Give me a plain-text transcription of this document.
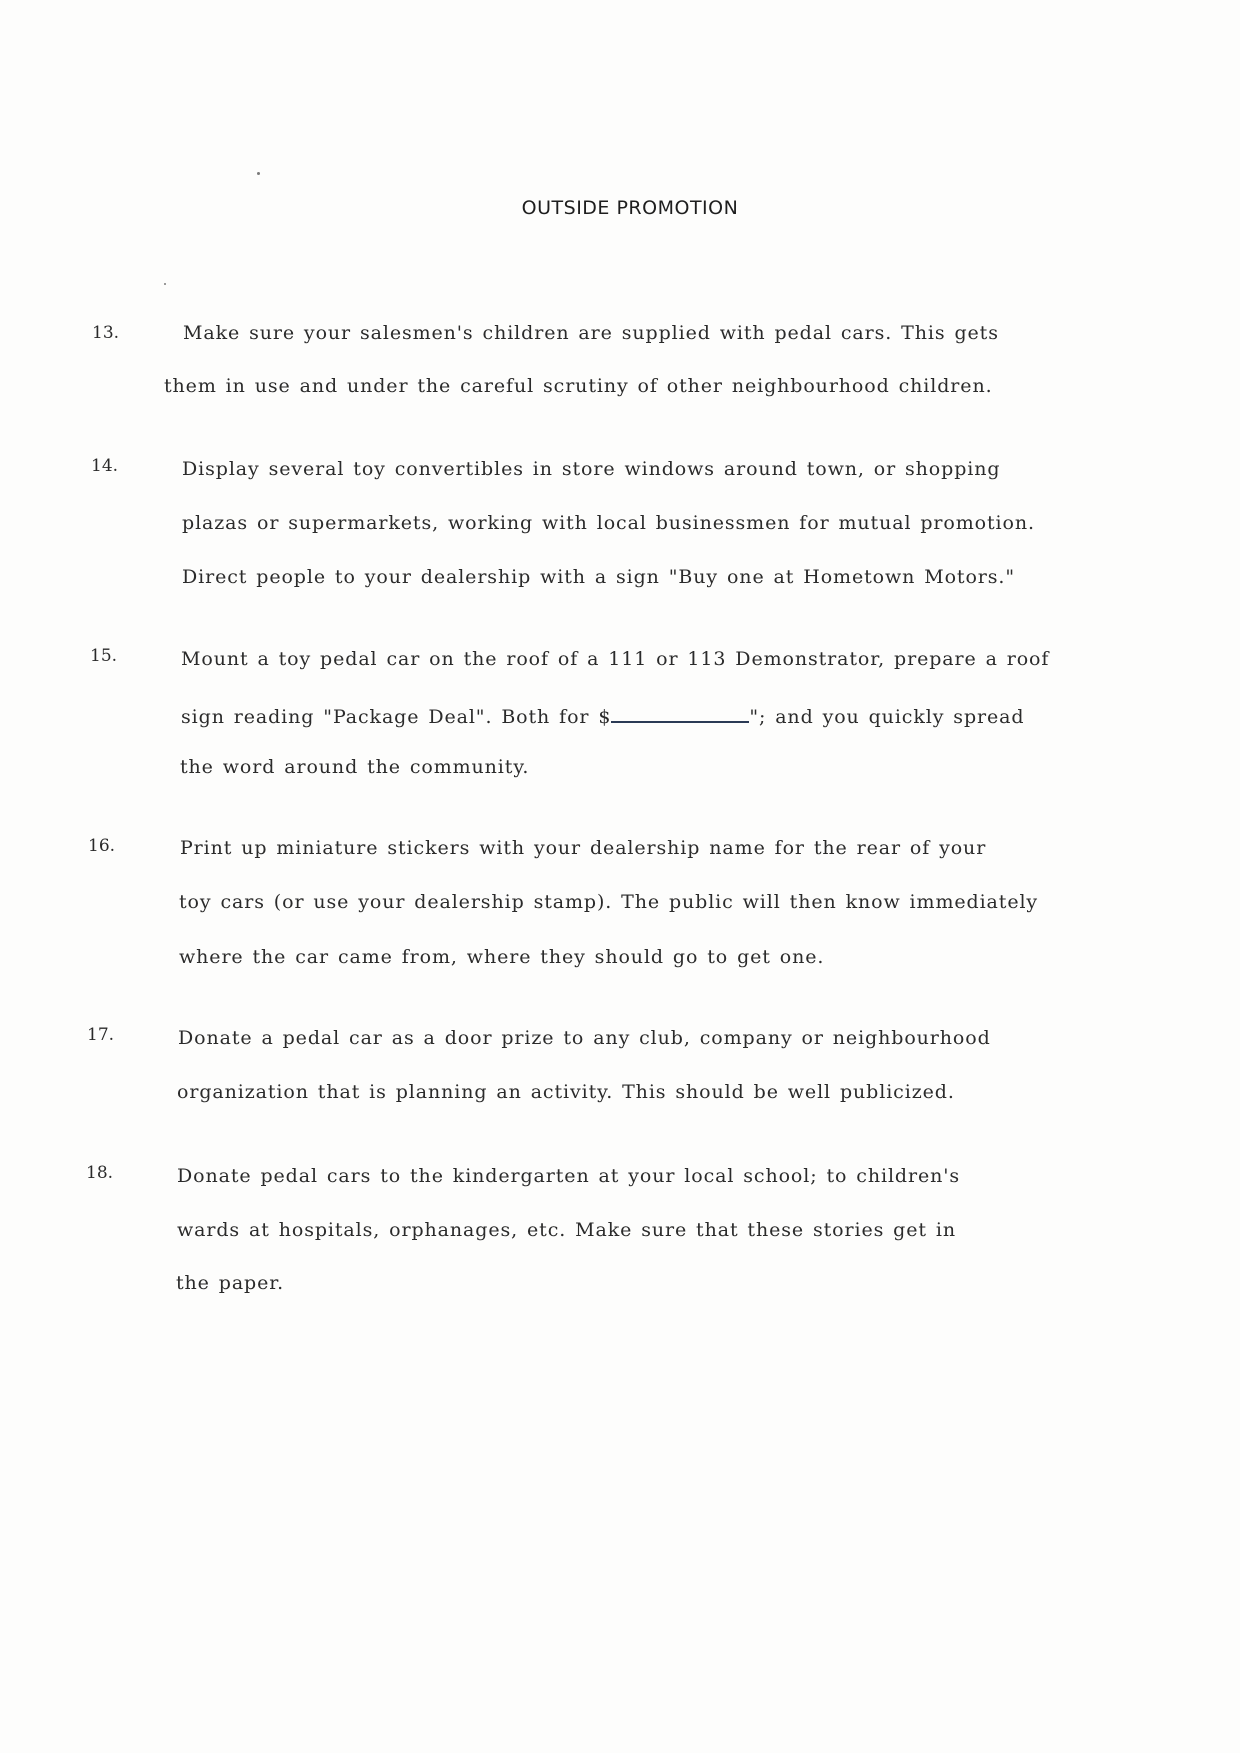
OUTSIDE PROMOTION
13.	Make sure your salesmen's children are supplied with pedal cars. This gets
them in use and under the careful scrutiny of other neighbourhood children.
14.	Display several toy convertibles in store windows around town, or shopping
plazas or supermarkets, working with local businessmen for mutual promotion.
Direct people to your dealership with a sign "Buy one at Hometown Motors."
15.	Mount a toy pedal car on the roof of a 111 or 113 Demonstrator, prepare a roof
sign reading "Package Deal". Both for $	"; and you quickly spread
the word around the community.
16.	Print up miniature stickers with your dealership name for the rear of your
toy cars (or use your dealership stamp). The public will then know immediately
where the car came from, where they should go to get one.
17.	Donate a pedal car as a door prize to any club, company or neighbourhood
organization that is planning an activity. This should be well publicized.
18.	Donate pedal cars to the kindergarten at your local school; to children's
wards at hospitals, orphanages, etc. Make sure that these stories get in
the paper.
